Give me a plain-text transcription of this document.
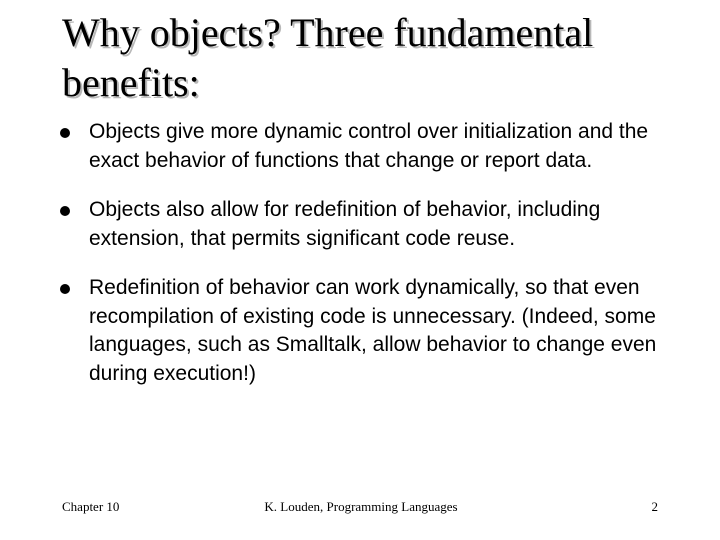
Why objects? Three fundamental benefits:
Objects give more dynamic control over initialization and the exact behavior of functions that change or report data.
Objects also allow for redefinition of behavior, including extension, that permits significant code reuse.
Redefinition of behavior can work dynamically, so that even recompilation of existing code is unnecessary. (Indeed, some languages, such as Smalltalk, allow behavior to change even during execution!)
Chapter 10	K. Louden, Programming Languages	2
